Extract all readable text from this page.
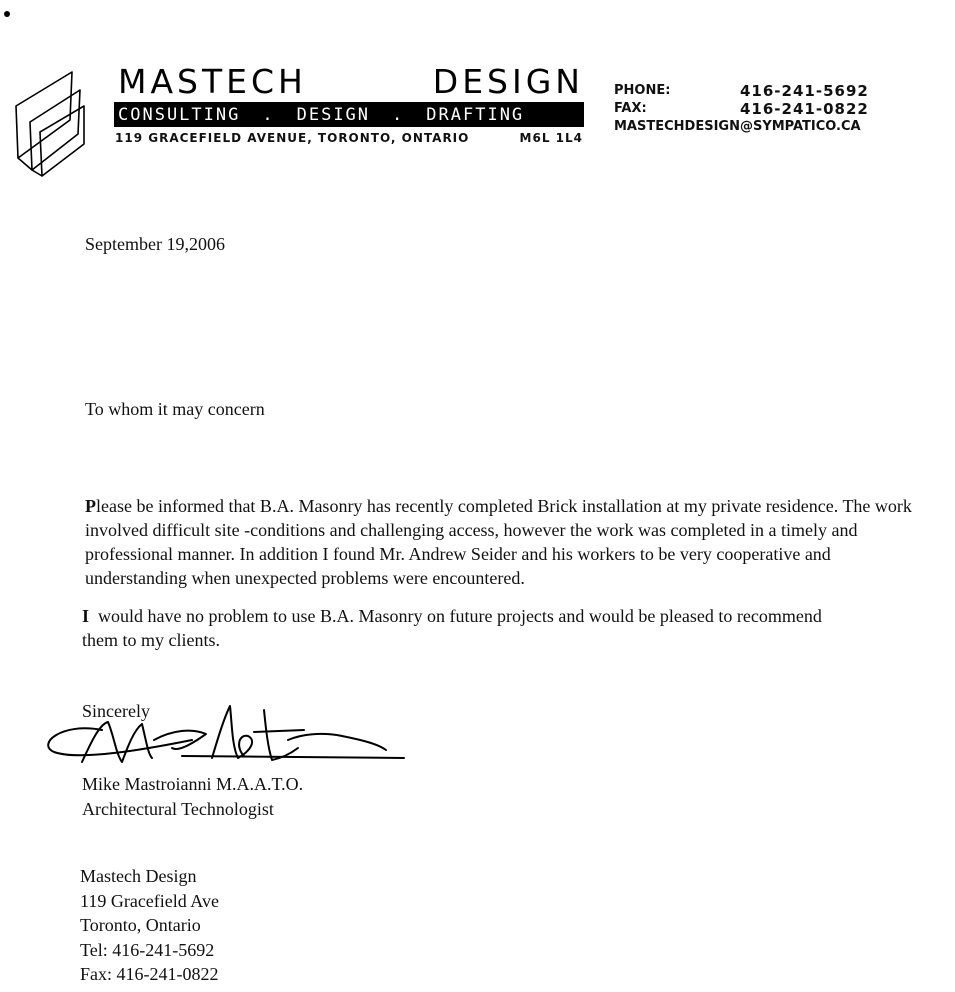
MASTECH	DESIGN
CONSULTING . DESIGN . DRAFTING
119 GRACEFIELD AVENUE, TORONTO, ONTARIO	M6L 1L4
PHONE:	416-241-5692
FAX:	416-241-0822
MASTECHDESIGN@SYMPATICO.CA
September 19,2006
To whom it may concern
Please be informed that B.A. Masonry has recently completed Brick installation at my private residence. The work involved difficult site -conditions and challenging access, however the work was completed in a timely and professional manner. In addition I found Mr. Andrew Seider and his workers to be very cooperative and understanding when unexpected problems were encountered.
I would have no problem to use B.A. Masonry on future projects and would be pleased to recommend them to my clients.
Sincerely
Mike Mastroianni M.A.A.T.O.
Architectural Technologist
Mastech Design
119 Gracefield Ave
Toronto, Ontario
Tel: 416-241-5692
Fax: 416-241-0822
